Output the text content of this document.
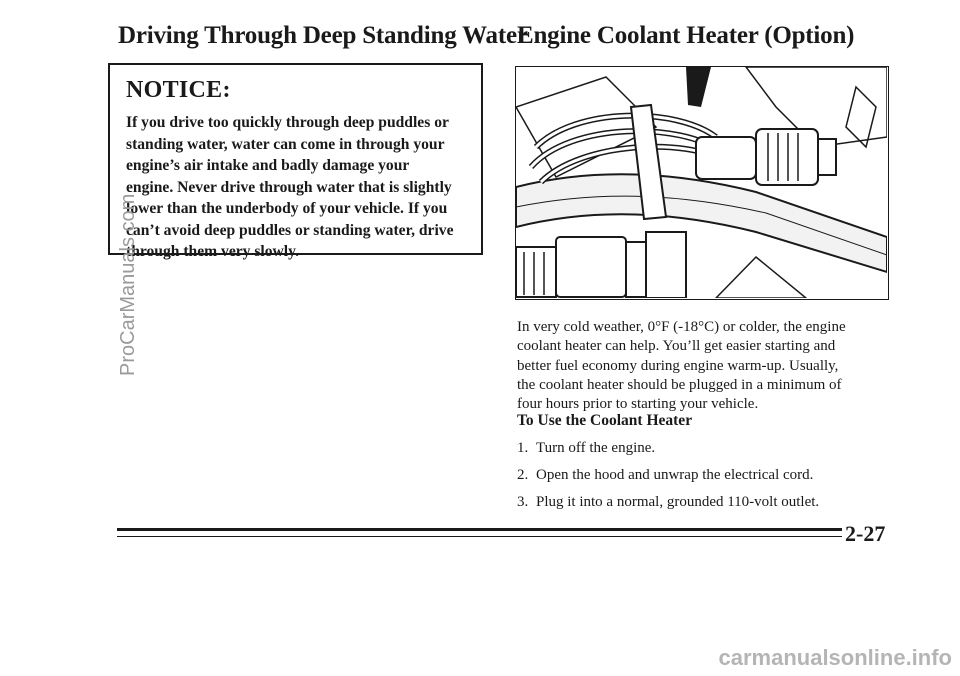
Driving Through Deep Standing Water
Engine Coolant Heater (Option)
NOTICE:
If you drive too quickly through deep puddles or
standing water, water can come in through your
engine’s air intake and badly damage your
engine. Never drive through water that is slightly
lower than the underbody of your vehicle. If you
can’t avoid deep puddles or standing water, drive
through them very slowly.
In very cold weather, 0°F (-18°C) or colder, the engine
coolant heater can help. You’ll get easier starting and
better fuel economy during engine warm-up. Usually,
the coolant heater should be plugged in a minimum of
four hours prior to starting your vehicle.
To Use the Coolant Heater
1. Turn off the engine.
2. Open the hood and unwrap the electrical cord.
3. Plug it into a normal, grounded 110-volt outlet.
2-27
ProCarManuals.com
carmanualsonline.info
